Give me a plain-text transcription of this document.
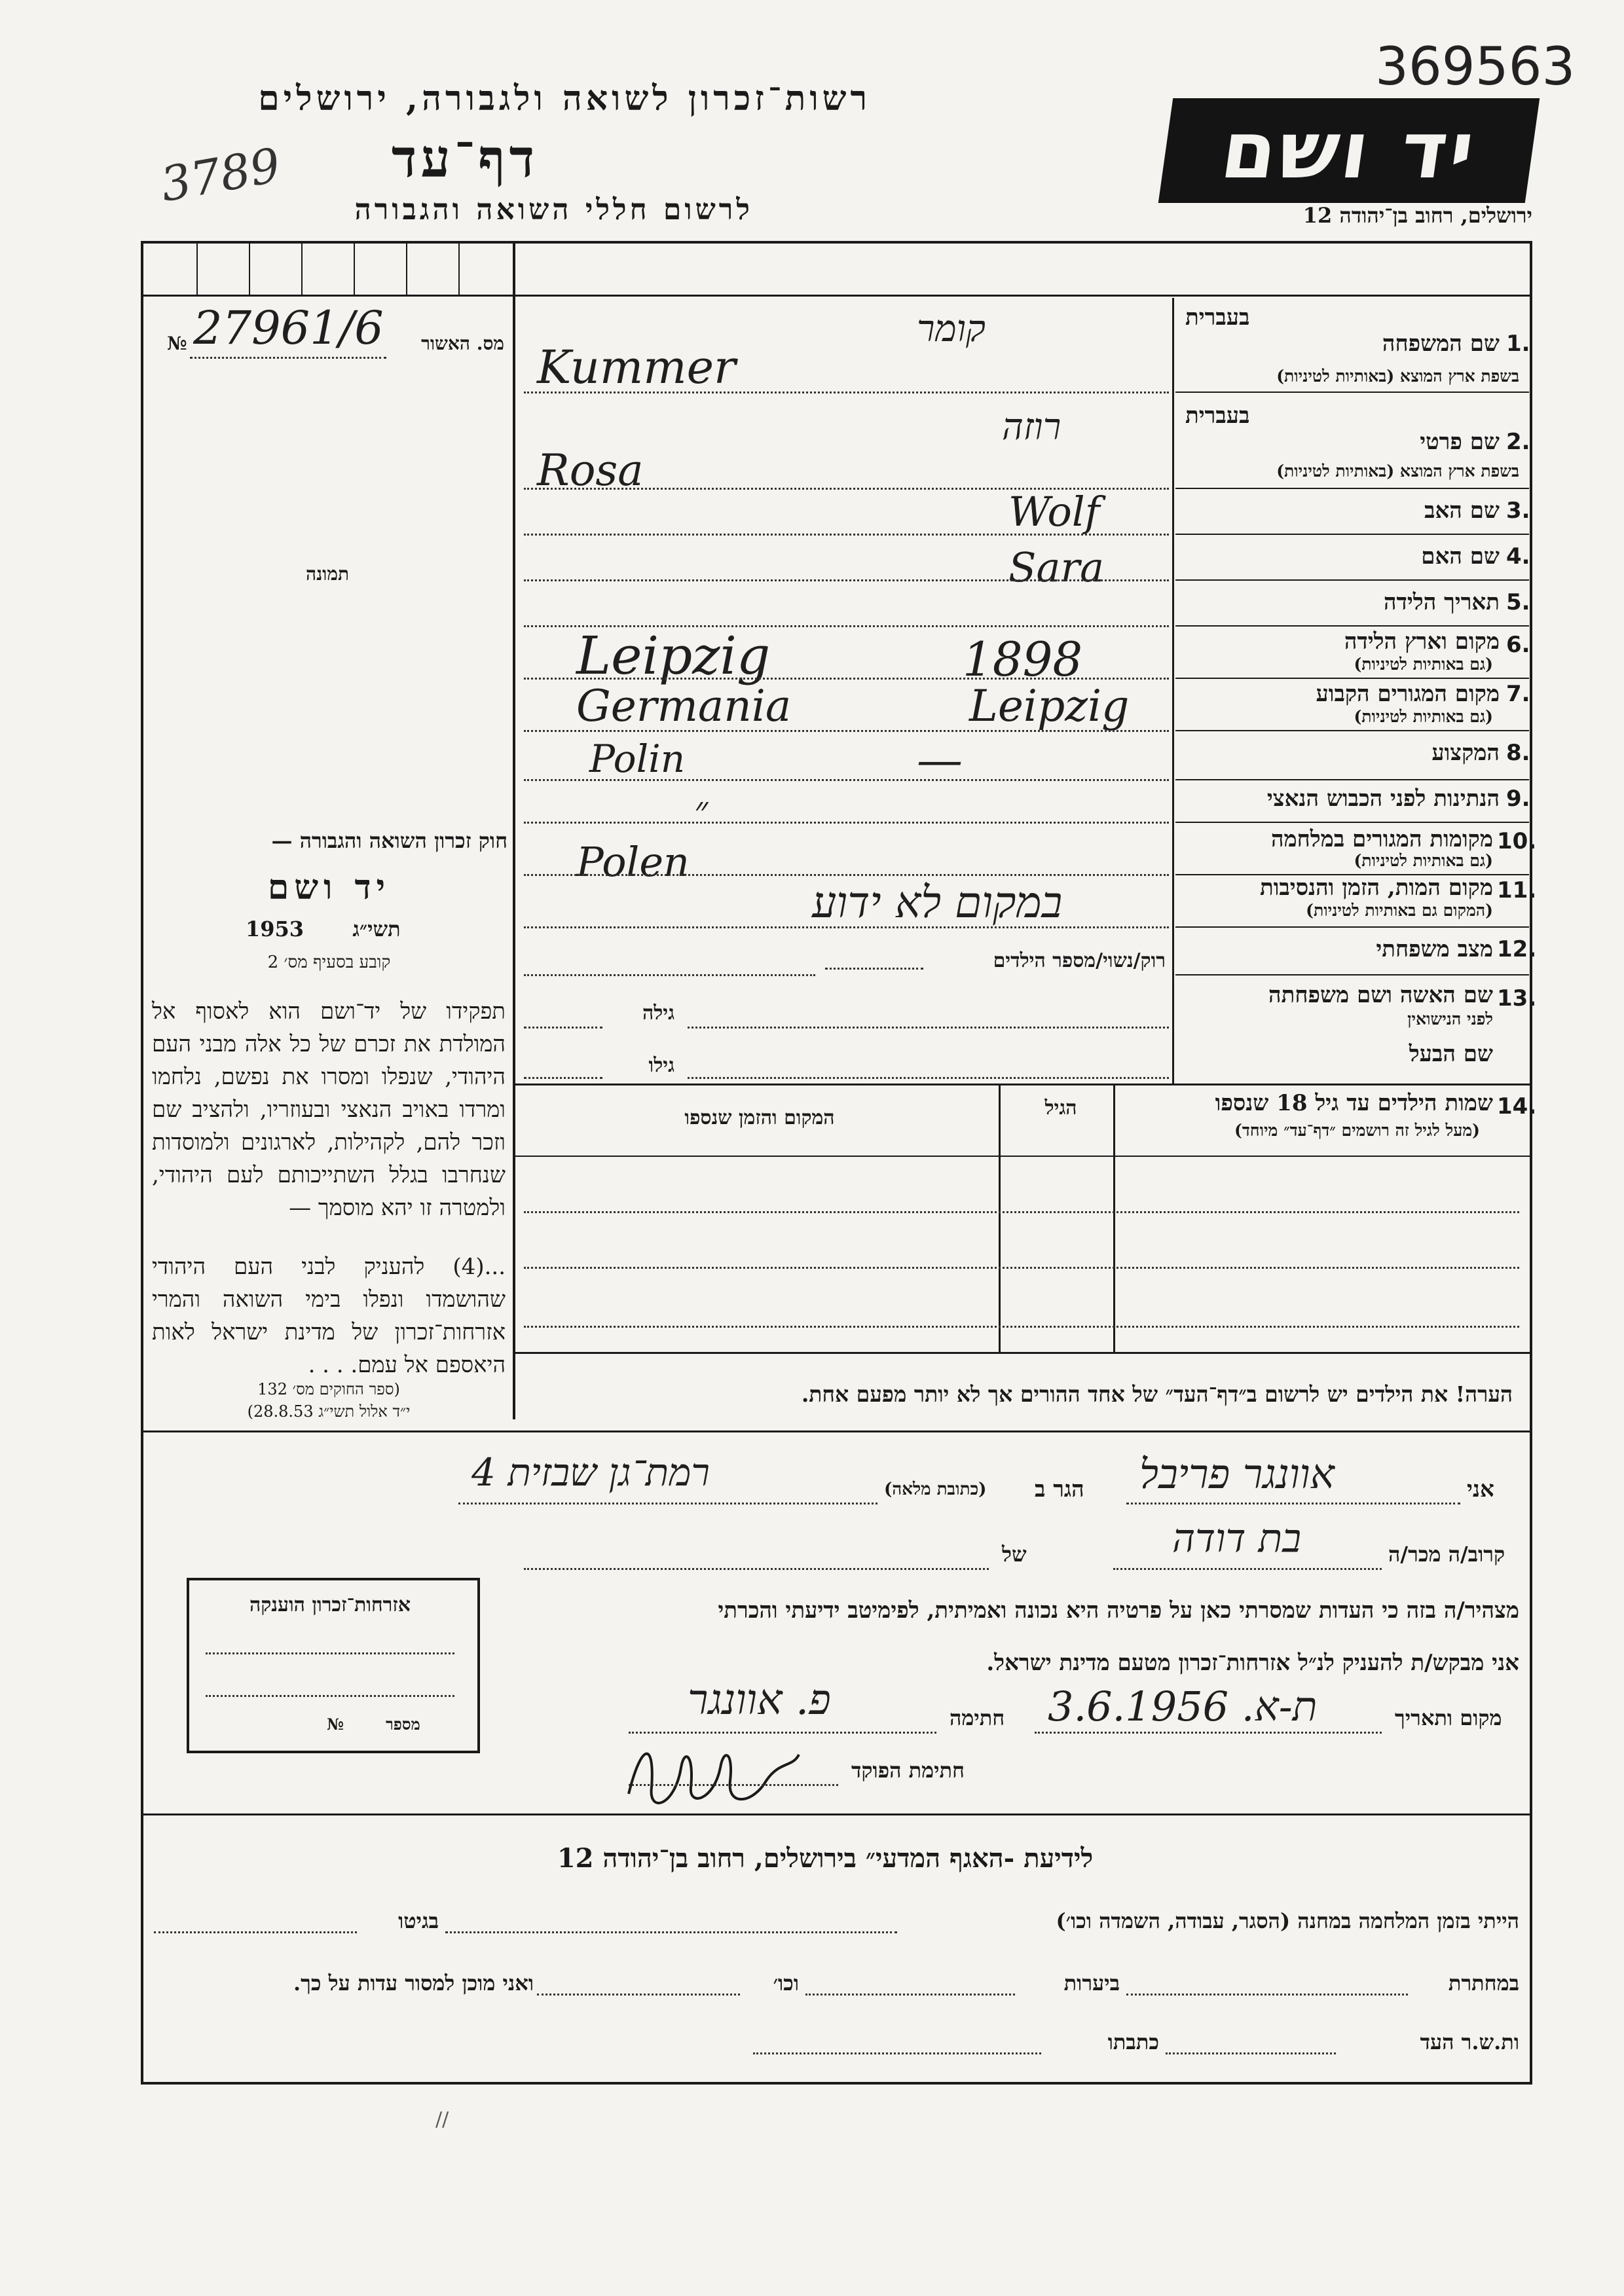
369563
רשות־זכרון לשואה ולגבורה, ירושלים
יד ושם
דף־עד
3789	לרשום חללי השואה והגבורה	ירושלים, רחוב בן־יהודה 12
מס. האשור
№ 27961/6
תמונה
חוק זכרון השואה והגבורה —
יד ושם
תשי״ג
1953
קובע בסעיף מס׳ 2
תפקידו של יד־ושם הוא לאסוף אל המולדת את זכרם של כל אלה מבני העם היהודי, שנפלו ומסרו את נפשם, נלחמו ומרדו באויב הנאצי ובעוזריו, ולהציב שם וזכר להם, לקהילות, לארגונים ולמוסדות שנחרבו בגלל השתייכותם לעם היהודי, ולמטרה זו יהא מוסמך —
...(4) להעניק לבני העם היהודי שהושמדו ונפלו בימי השואה והמרי אזרחות־זכרון של מדינת ישראל לאות היאספם אל עמם. . . .
(ספר החוקים מס׳ 132
י״ד אלול תשי״ג 28.8.53)
1.
שם המשפחה
בעברית
בשפת ארץ המוצא (באותיות לטיניות)
קומר
Kummer
2.
שם פרטי
בעברית
בשפת ארץ המוצא (באותיות לטיניות)
רוזה
Rosa
3.
שם האב
Wolf
4.
שם האם
Sara
5.
תאריך הלידה
6.
מקום וארץ הלידה
(גם באותיות לטיניות)
Leipzig	1898
7.
מקום המגורים הקבוע
(גם באותיות לטיניות)
Germania	Leipzig
8.
המקצוע
Polin	—
9.
הנתינות לפני הכבוש הנאצי
״
10.
מקומות המגורים במלחמה
(גם באותיות לטיניות)
Polen
11.
מקום המות, הזמן והנסיבות
(המקום גם באותיות לטיניות)
במקום לא ידוע
12.
מצב משפחתי
רוק/נשוי/מספר הילדים
13.
שם האשה ושם משפחתה
לפני הנישואין
גילה
שם הבעל
גילו
14.
שמות הילדים עד גיל 18 שנספו
(מעל לגיל זה רושמים ״דף־עד״ מיוחד)
הגיל
המקום והזמן שנספו
הערה! את הילדים יש לרשום ב״דף־העד״ של אחד ההורים אך לא יותר מפעם אחת.
אני
אוונגר פריבל
הגר ב
(כתובת מלאה)
רמת־גן שבזית 4
קרוב/ה מכר/ה
בת דודה
של
מצהיר/ה בזה כי העדות שמסרתי כאן על פרטיה היא נכונה ואמיתית, לפימיטב ידיעתי והכרתי
אני מבקש/ת להעניק לנ״ל אזרחות־זכרון מטעם מדינת ישראל.
מקום ותאריך
ת-א. 3.6.1956
חתימה
פ. אוונגר
חתימת הפוקד
אזרחות־זכרון הוענקה
מספר
№
לידיעת -האגף המדעי״ בירושלים, רחוב בן־יהודה 12
הייתי בזמן המלחמה במחנה (הסגר, עבודה, השמדה וכו׳)
בגיטו
במחתרת
ביערות
וכו׳
ואני מוכן למסור עדות על כך.
ות.ש.ר העד
כתבתו
//
